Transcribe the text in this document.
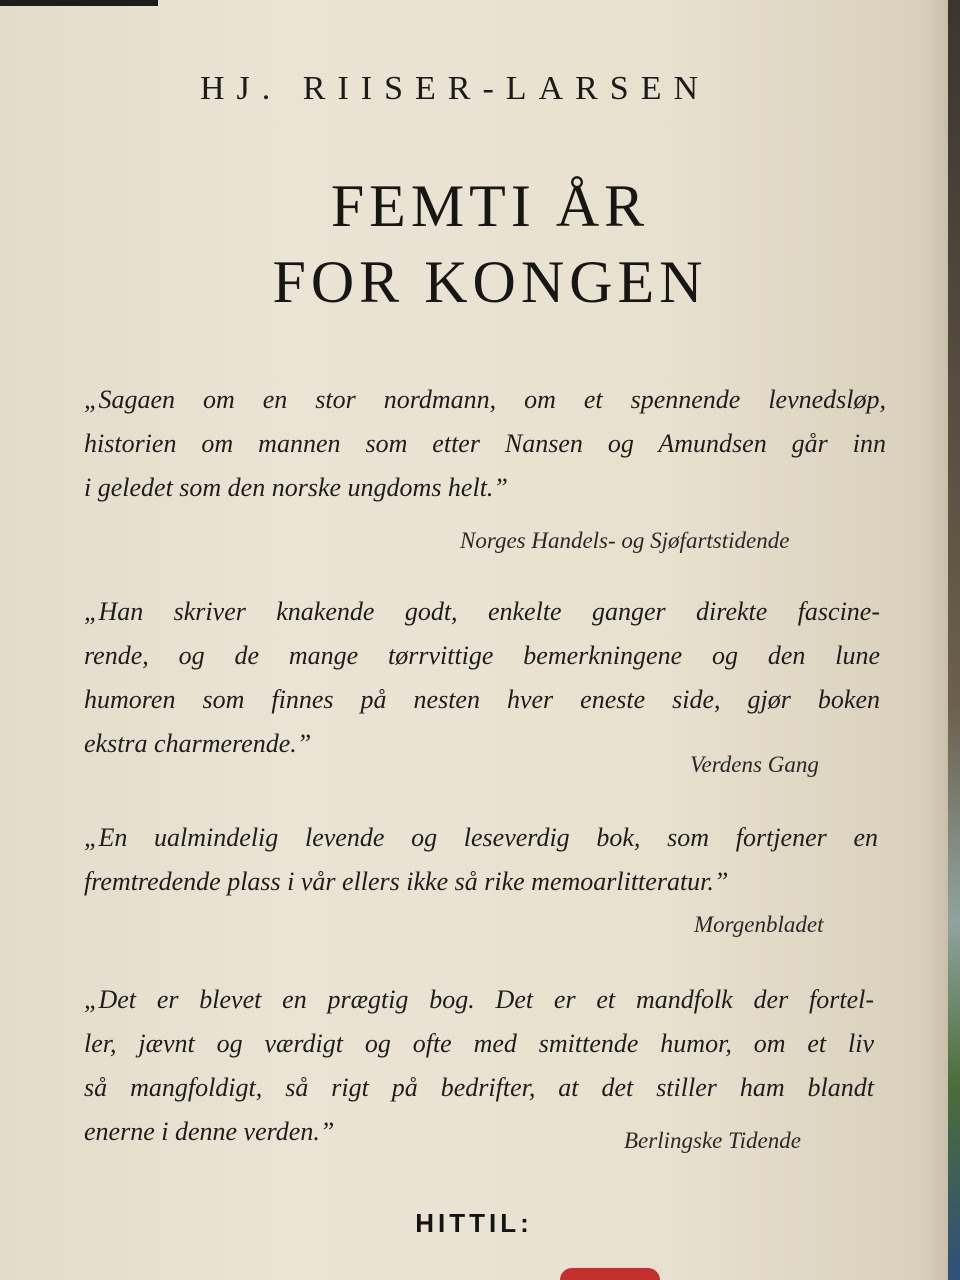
HJ. RIISER-LARSEN
FEMTI ÅR
FOR KONGEN
„Sagaen om en stor nordmann, om et spennende levnedsløp,
historien om mannen som etter Nansen og Amundsen går inn
i geledet som den norske ungdoms helt.”
Norges Handels- og Sjøfartstidende
„Han skriver knakende godt, enkelte ganger direkte fascine-
rende, og de mange tørrvittige bemerkningene og den lune
humoren som finnes på nesten hver eneste side, gjør boken
ekstra charmerende.”
Verdens Gang
„En ualmindelig levende og leseverdig bok, som fortjener en
fremtredende plass i vår ellers ikke så rike memoarlitteratur.”
Morgenbladet
„Det er blevet en prægtig bog. Det er et mandfolk der fortel-
ler, jævnt og værdigt og ofte med smittende humor, om et liv
så mangfoldigt, så rigt på bedrifter, at det stiller ham blandt
enerne i denne verden.”	Berlingske Tidende
HITTIL:
